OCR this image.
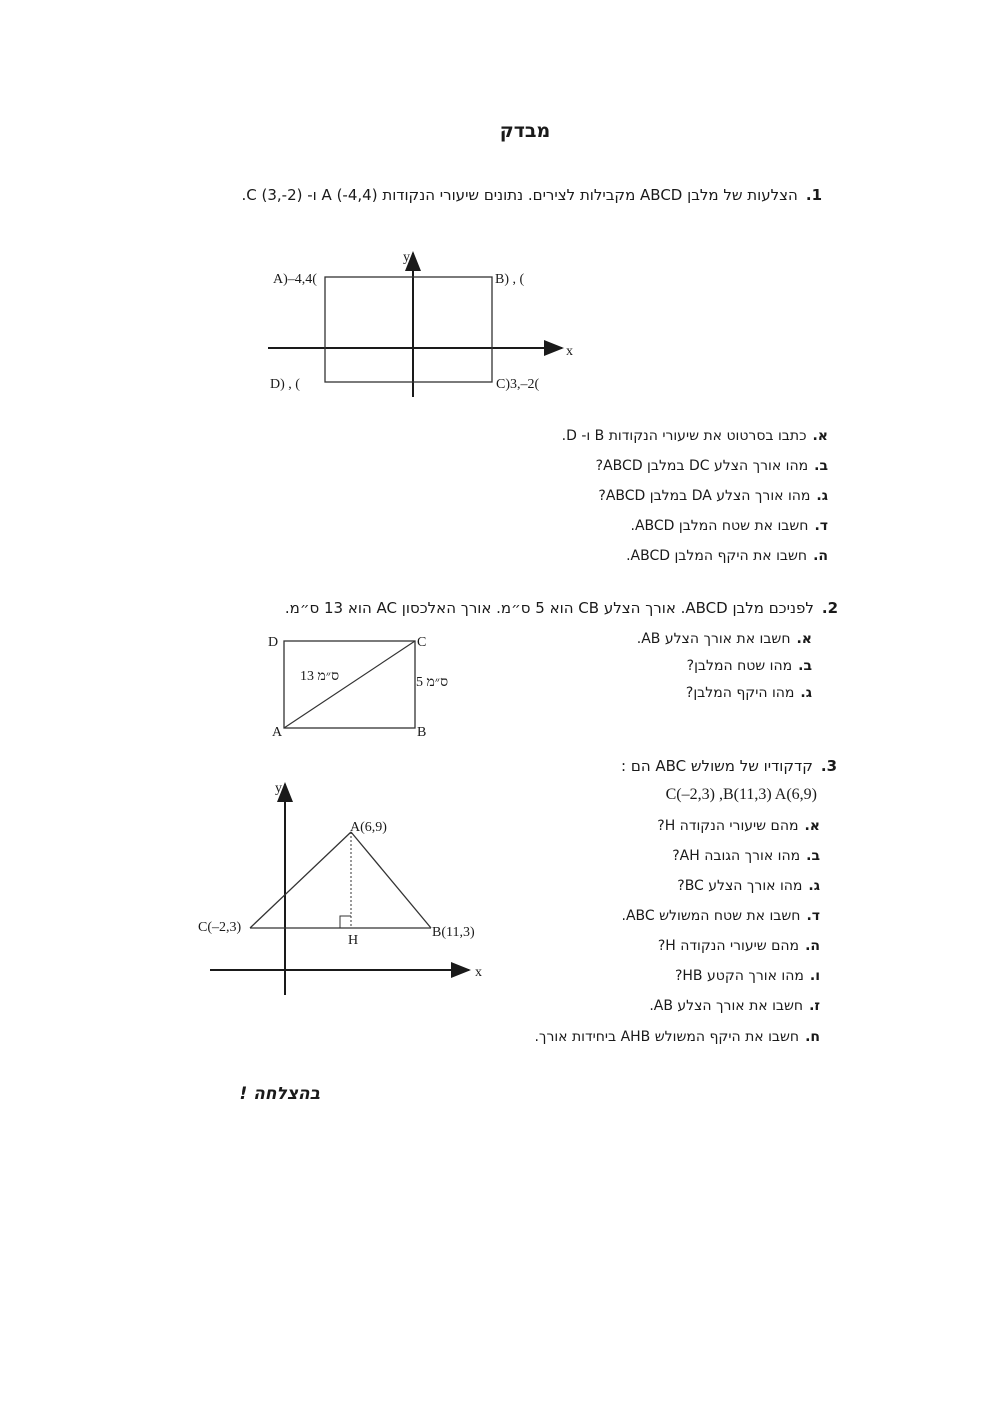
מבדק
1.הצלעות של מלבן ABCD מקבילות לצירים. נתונים שיעורי הנקודות A (-4,4) ו- C (3,-2).
x
y
A)–4,4(	B) , (
C)3,–2(
D) , (
א.כתבו בסרטוט את שיעורי הנקודות B ו- D.
ב.מהו אורך הצלע DC במלבן ABCD?
ג.מהו אורך הצלע DA במלבן ABCD?
ד.חשבו את שטח המלבן ABCD.
ה.חשבו את היקף המלבן ABCD.
2.לפניכם מלבן ABCD. אורך הצלע CB הוא 5 ס״מ. אורך האלכסון AC הוא 13 ס״מ.
D	C
A	B
13 ס״מ	5 ס״מ
א.חשבו את אורך הצלע AB.
ב.מהו שטח המלבן?
ג.מהו היקף המלבן?
3.קדקודיו של משולש ABC הם :
C(–2,3) ,B(11,3) A(6,9)
x
y
A(6,9)
B(11,3)
C(–2,3)
H
א.מהם שיעורי הנקודה H?
ב.מהו אורך הגובה AH?
ג.מהו אורך הצלע BC?
ד.חשבו את שטח המשולש ABC.
ה.מהם שיעורי הנקודה H?
ו.מהו אורך הקטע HB?
ז.חשבו את אורך הצלע AB.
ח.חשבו את היקף המשולש AHB ביחידות אורך.
בהצלחה !
